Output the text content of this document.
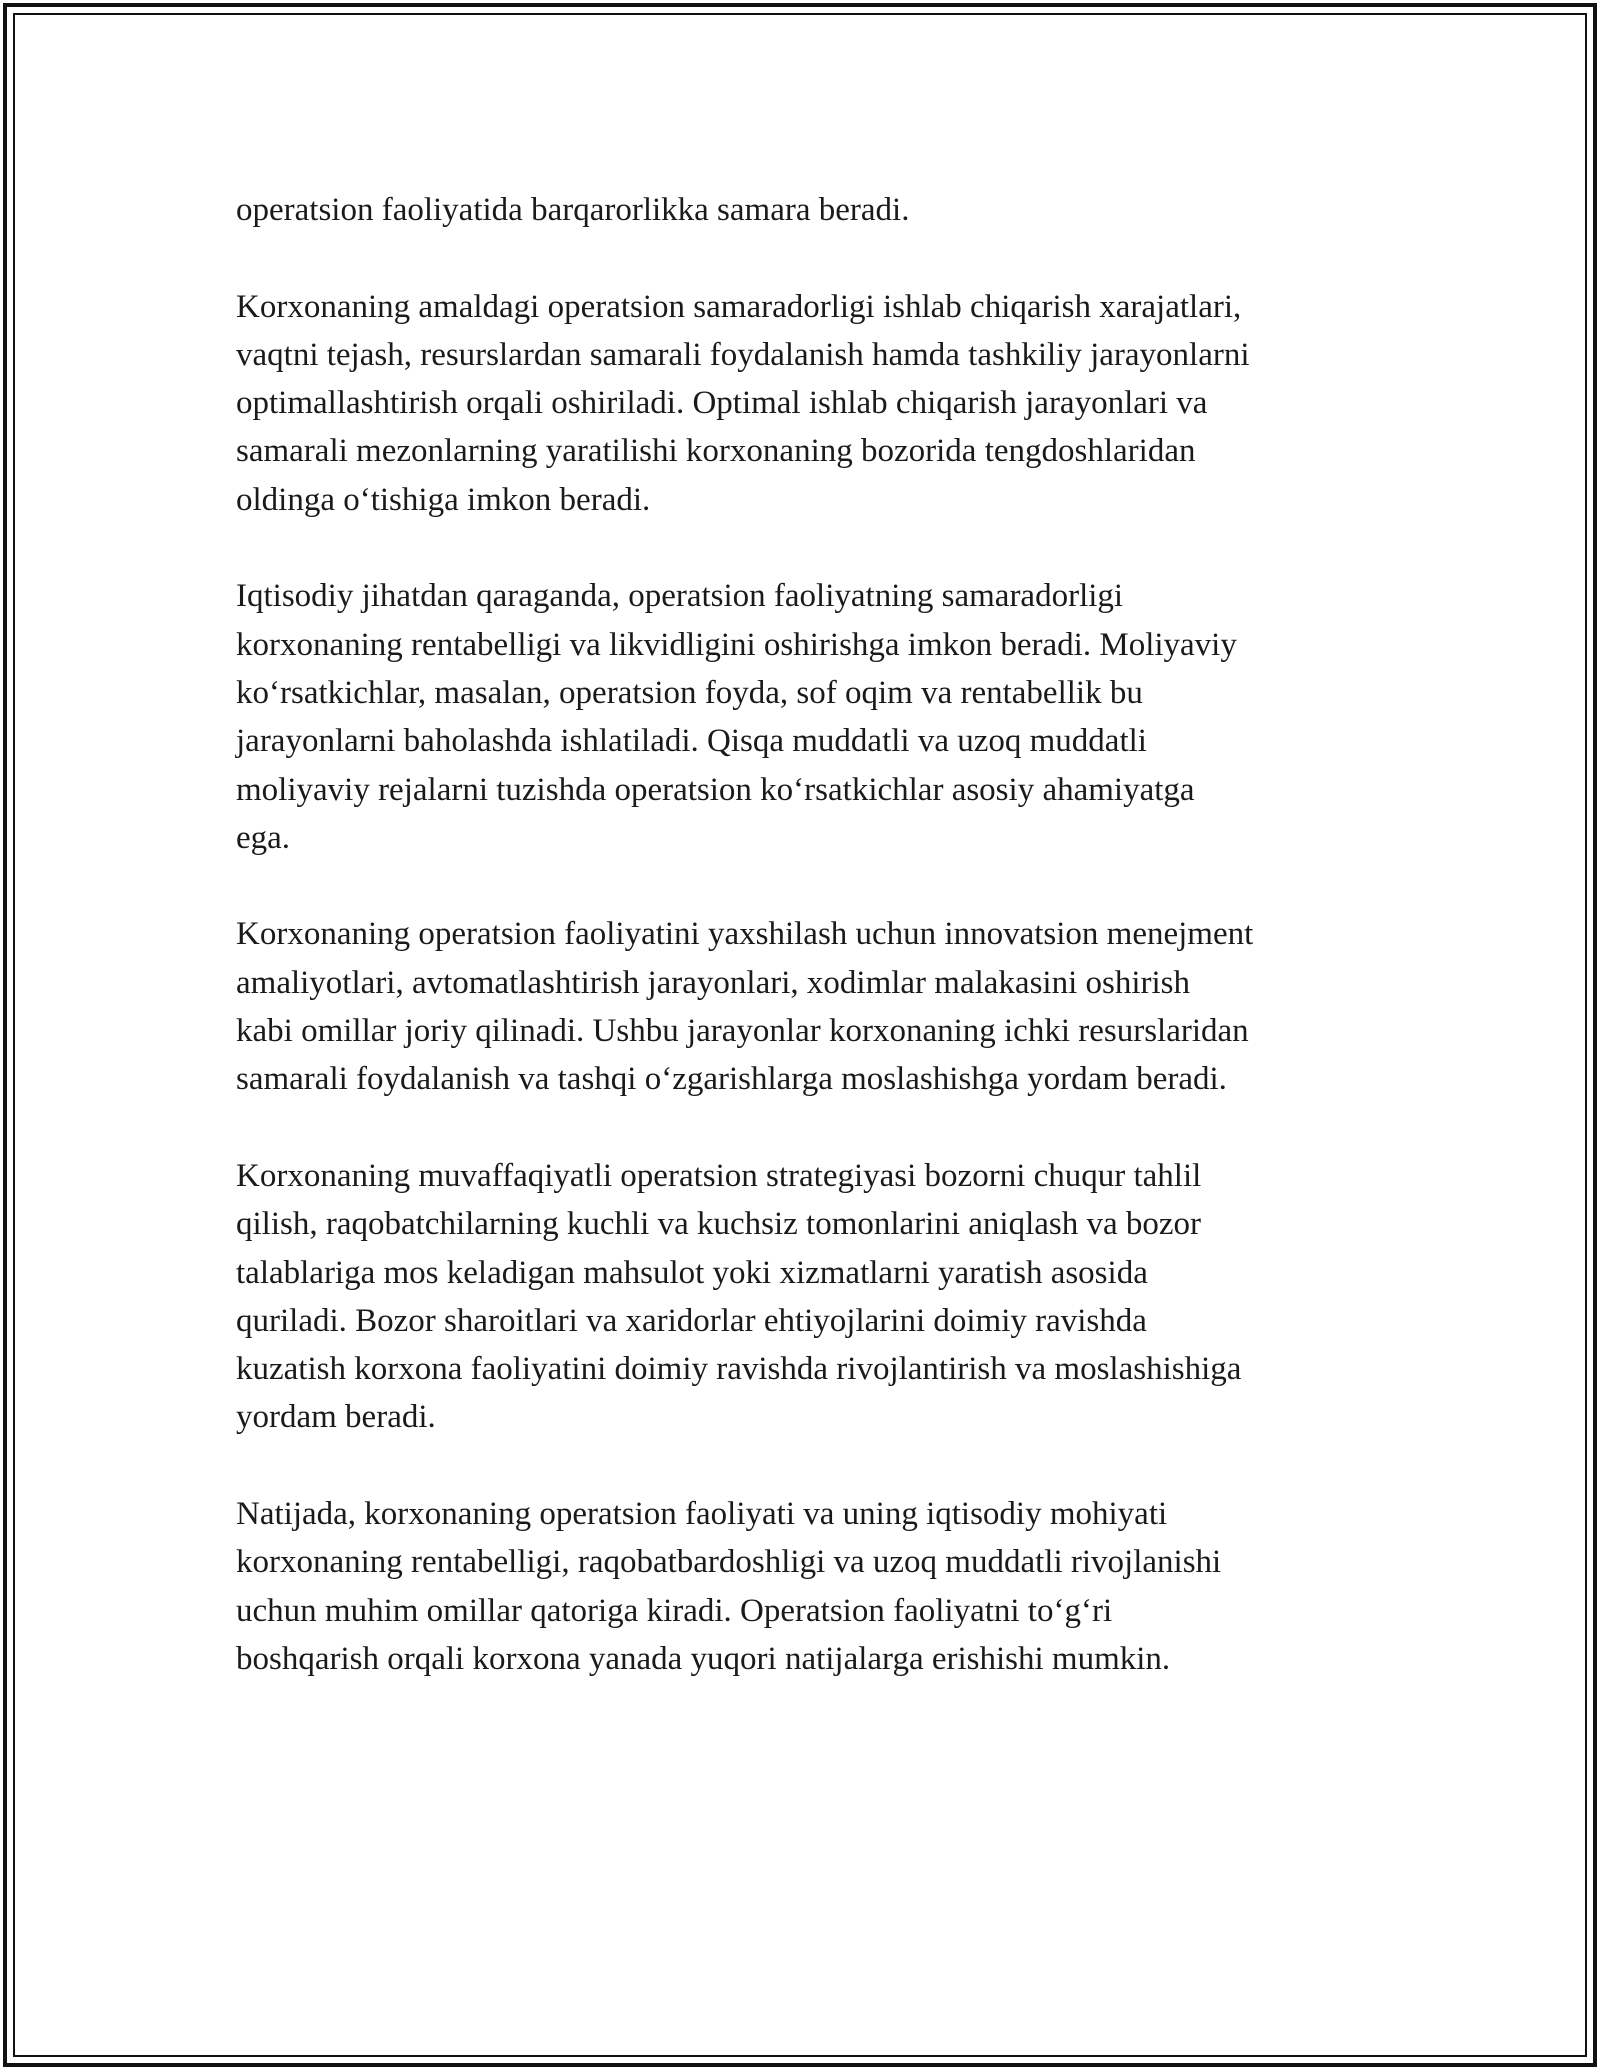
operatsion faoliyatida barqarorlikka samara beradi.

Korxonaning amaldagi operatsion samaradorligi ishlab chiqarish xarajatlari,
vaqtni tejash, resurslardan samarali foydalanish hamda tashkiliy jarayonlarni
optimallashtirish orqali oshiriladi. Optimal ishlab chiqarish jarayonlari va
samarali mezonlarning yaratilishi korxonaning bozorida tengdoshlaridan
oldinga o‘tishiga imkon beradi.

Iqtisodiy jihatdan qaraganda, operatsion faoliyatning samaradorligi
korxonaning rentabelligi va likvidligini oshirishga imkon beradi. Moliyaviy
ko‘rsatkichlar, masalan, operatsion foyda, sof oqim va rentabellik bu
jarayonlarni baholashda ishlatiladi. Qisqa muddatli va uzoq muddatli
moliyaviy rejalarni tuzishda operatsion ko‘rsatkichlar asosiy ahamiyatga
ega.

Korxonaning operatsion faoliyatini yaxshilash uchun innovatsion menejment
amaliyotlari, avtomatlashtirish jarayonlari, xodimlar malakasini oshirish
kabi omillar joriy qilinadi. Ushbu jarayonlar korxonaning ichki resurslaridan
samarali foydalanish va tashqi o‘zgarishlarga moslashishga yordam beradi.

Korxonaning muvaffaqiyatli operatsion strategiyasi bozorni chuqur tahlil
qilish, raqobatchilarning kuchli va kuchsiz tomonlarini aniqlash va bozor
talablariga mos keladigan mahsulot yoki xizmatlarni yaratish asosida
quriladi. Bozor sharoitlari va xaridorlar ehtiyojlarini doimiy ravishda
kuzatish korxona faoliyatini doimiy ravishda rivojlantirish va moslashishiga
yordam beradi.

Natijada, korxonaning operatsion faoliyati va uning iqtisodiy mohiyati
korxonaning rentabelligi, raqobatbardoshligi va uzoq muddatli rivojlanishi
uchun muhim omillar qatoriga kiradi. Operatsion faoliyatni to‘g‘ri
boshqarish orqali korxona yanada yuqori natijalarga erishishi mumkin.
